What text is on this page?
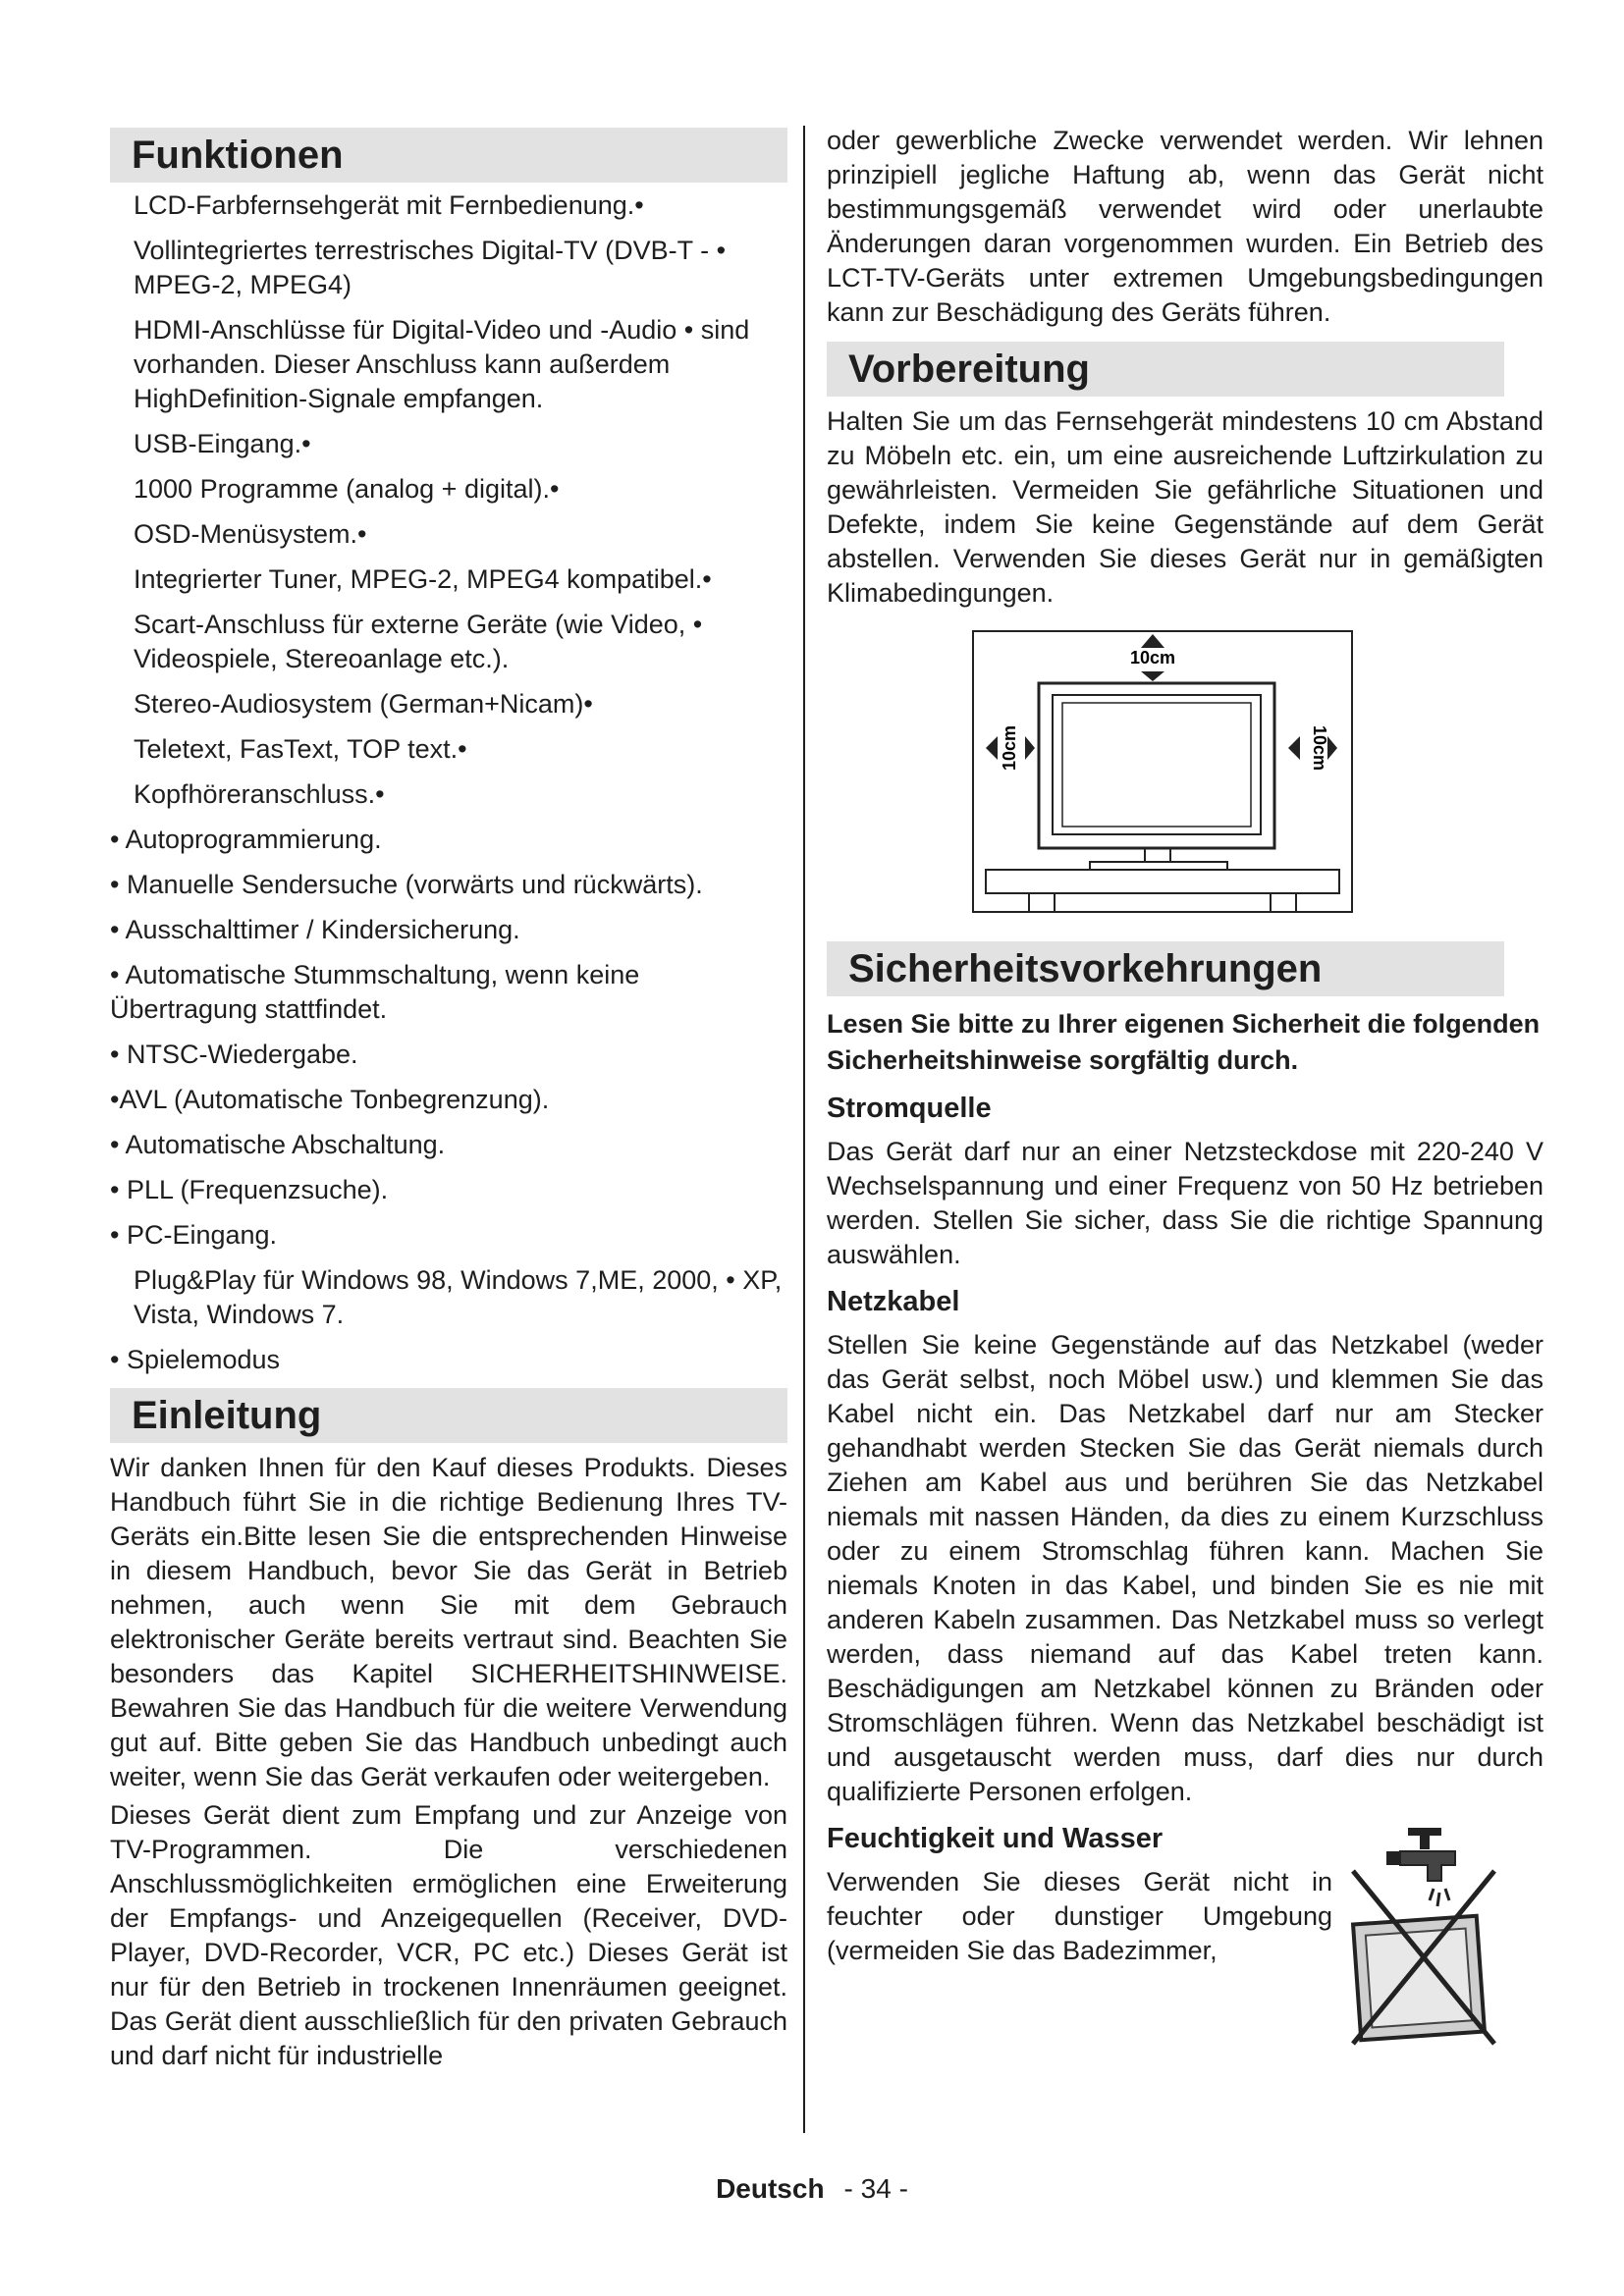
Funktionen

LCD-Farbfernsehgerät mit Fernbedienung.•

Vollintegriertes terrestrisches Digital-TV (DVB-T - • MPEG-2, MPEG4)

HDMI-Anschlüsse für Digital-Video und -Audio • sind vorhanden. Dieser Anschluss kann außerdem HighDefinition-Signale empfangen.

USB-Eingang.•

1000 Programme (analog + digital).•

OSD-Menüsystem.•

Integrierter Tuner, MPEG-2, MPEG4 kompatibel.•

Scart-Anschluss für externe Geräte (wie Video, • Videospiele, Stereoanlage etc.).

Stereo-Audiosystem (German+Nicam)•

Teletext, FasText, TOP text.•

Kopfhöreranschluss.•

• Autoprogrammierung.

• Manuelle Sendersuche (vorwärts und rückwärts).

• Ausschalttimer / Kindersicherung.

• Automatische Stummschaltung, wenn keine Übertragung stattfindet.

• NTSC-Wiedergabe.

•AVL (Automatische Tonbegrenzung).

• Automatische Abschaltung.

• PLL (Frequenzsuche).

• PC-Eingang.

Plug&Play für Windows 98, Windows 7,ME, 2000, • XP, Vista, Windows 7.

• Spielemodus

Einleitung

Wir danken Ihnen für den Kauf dieses Produkts. Dieses Handbuch führt Sie in die richtige Bedienung Ihres TV-Geräts ein.Bitte lesen Sie die entsprechenden Hinweise in diesem Handbuch, bevor Sie das Gerät in Betrieb nehmen, auch wenn Sie mit dem Gebrauch elektronischer Geräte bereits vertraut sind. Beachten Sie besonders das Kapitel SICHERHEITSHINWEISE. Bewahren Sie das Handbuch für die weitere Verwendung gut auf. Bitte geben Sie das Handbuch unbedingt auch weiter, wenn Sie das Gerät verkaufen oder weitergeben.

Dieses Gerät dient zum Empfang und zur Anzeige von TV-Programmen. Die verschiedenen Anschlussmöglichkeiten ermöglichen eine Erweiterung der Empfangs- und Anzeigequellen (Receiver, DVD-Player, DVD-Recorder, VCR, PC etc.) Dieses Gerät ist nur für den Betrieb in trockenen Innenräumen geeignet. Das Gerät dient ausschließlich für den privaten Gebrauch und darf nicht für industrielle

oder gewerbliche Zwecke verwendet werden. Wir lehnen prinzipiell jegliche Haftung ab, wenn das Gerät nicht bestimmungsgemäß verwendet wird oder unerlaubte Änderungen daran vorgenommen wurden. Ein Betrieb des LCT-TV-Geräts unter extremen Umgebungsbedingungen kann zur Beschädigung des Geräts führen.

Vorbereitung

Halten Sie um das Fernsehgerät mindestens 10 cm Abstand zu Möbeln etc. ein, um eine ausreichende Luftzirkulation zu gewährleisten. Vermeiden Sie gefährliche Situationen und Defekte, indem Sie keine Gegenstände auf dem Gerät abstellen. Verwenden Sie dieses Gerät nur in gemäßigten Klimabedingungen.

10cm
10cm	10cm
Sicherheitsvorkehrungen

Lesen Sie bitte zu Ihrer eigenen Sicherheit die folgenden Sicherheitshinweise sorgfältig durch.

Stromquelle

Das Gerät darf nur an einer Netzsteckdose mit 220-240 V Wechselspannung und einer Frequenz von 50 Hz betrieben werden. Stellen Sie sicher, dass Sie die richtige Spannung auswählen.

Netzkabel

Stellen Sie keine Gegenstände auf das Netzkabel (weder das Gerät selbst, noch Möbel usw.) und klemmen Sie das Kabel nicht ein. Das Netzkabel darf nur am Stecker gehandhabt werden Stecken Sie das Gerät niemals durch Ziehen am Kabel aus und berühren Sie das Netzkabel niemals mit nassen Händen, da dies zu einem Kurzschluss oder zu einem Stromschlag führen kann. Machen Sie niemals Knoten in das Kabel, und binden Sie es nie mit anderen Kabeln zusammen. Das Netzkabel muss so verlegt werden, dass niemand auf das Kabel treten kann. Beschädigungen am Netzkabel können zu Bränden oder Stromschlägen führen. Wenn das Netzkabel beschädigt ist und ausgetauscht werden muss, darf dies nur durch qualifizierte Personen erfolgen.

Feuchtigkeit und Wasser

Verwenden Sie dieses Gerät nicht in feuchter oder dunstiger Umgebung (vermeiden Sie das Badezimmer,

Deutsch - 34 -
